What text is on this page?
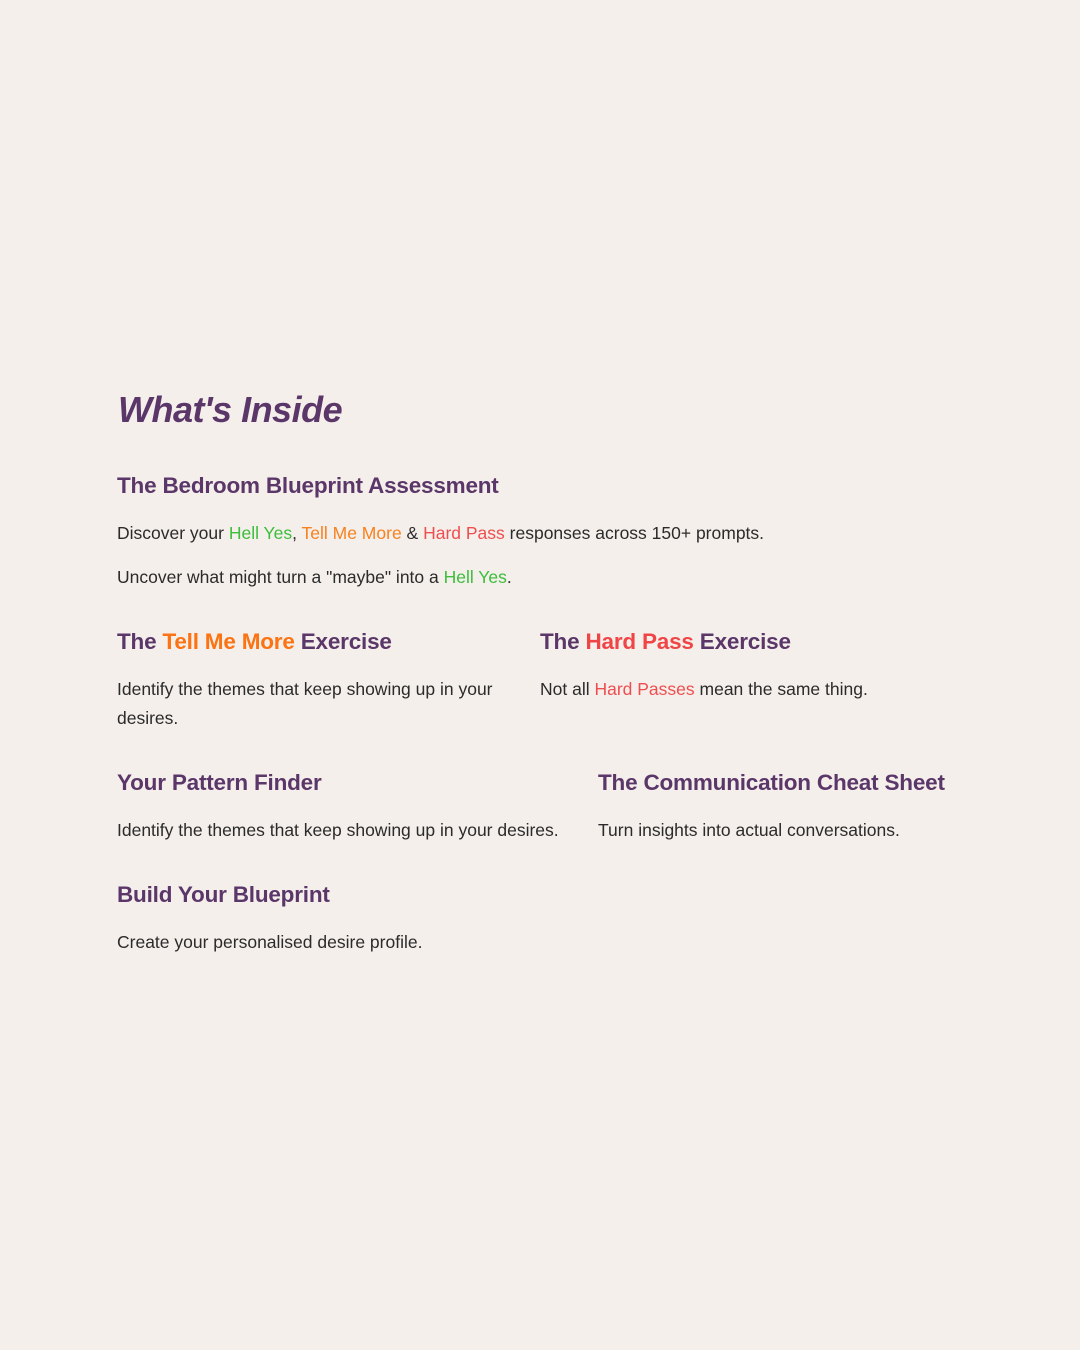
What's Inside
The Bedroom Blueprint Assessment

Discover your Hell Yes, Tell Me More & Hard Pass responses across 150+ prompts.

Uncover what might turn a "maybe" into a Hell Yes.

The Tell Me More Exercise

Identify the themes that keep showing up in your desires.

The Hard Pass Exercise

Not all Hard Passes mean the same thing.

Your Pattern Finder

Identify the themes that keep showing up in your desires.

The Communication Cheat Sheet

Turn insights into actual conversations.

Build Your Blueprint

Create your personalised desire profile.
